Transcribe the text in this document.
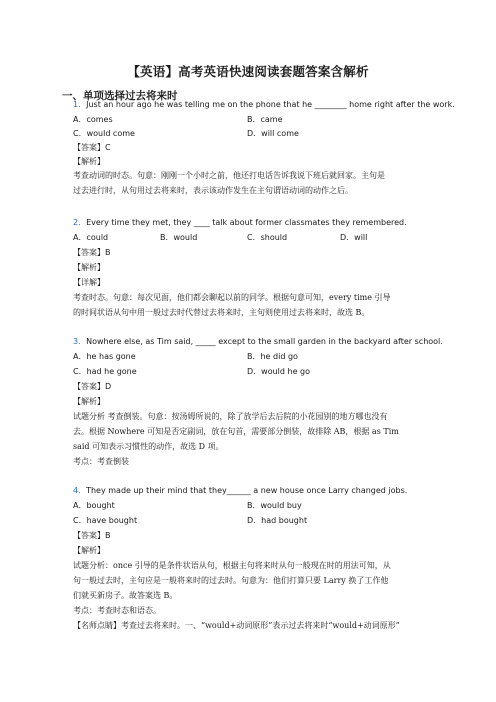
【英语】高考英语快速阅读套题答案含解析
一、单项选择过去将来时
1．Just an hour ago he was telling me on the phone that he ________ home right after the work.
A．comes	B．came
C．would come	D．will come
【答案】C
【解析】
考查动词的时态。句意：刚刚一个小时之前，他还打电话告诉我说下班后就回家。主句是
过去进行时，从句用过去将来时，表示该动作发生在主句谓语动词的动作之后。
2．Every time they met, they ____ talk about former classmates they remembered.
A．could	B．would	C．should	D．will
【答案】B
【解析】
【详解】
考查时态。句意：每次见面，他们都会聊起以前的同学。根据句意可知，every time 引导
的时间状语从句中用一般过去时代替过去将来时，主句则使用过去将来时，故选 B。
3．Nowhere else, as Tim said, _____ except to the small garden in the backyard after school.
A．he has gone	B．he did go
C．had he gone	D．would he go
【答案】D
【解析】
试题分析 考查倒装。句意：按汤姆所说的，除了放学后去后院的小花园别的地方哪也没有
去。根据 Nowhere 可知是否定副词，放在句首，需要部分倒装，故排除 AB，根据 as Tim
said 可知表示习惯性的动作，故选 D 项。
考点：考查倒装
4．They made up their mind that they______ a new house once Larry changed jobs.
A．bought	B．would buy
C．have bought	D．had bought
【答案】B
【解析】
试题分析：once 引导的是条件状语从句，根据主句将来时从句一般现在时的用法可知，从
句一般过去时，主句应是一般将来时的过去时。句意为：他们打算只要 Larry 换了工作他
们就买新房子。故答案选 B。
考点：考查时态和语态。
【名师点睛】考查过去将来时。一、“would+动词原形”表示过去将来时“would+动词原形”
